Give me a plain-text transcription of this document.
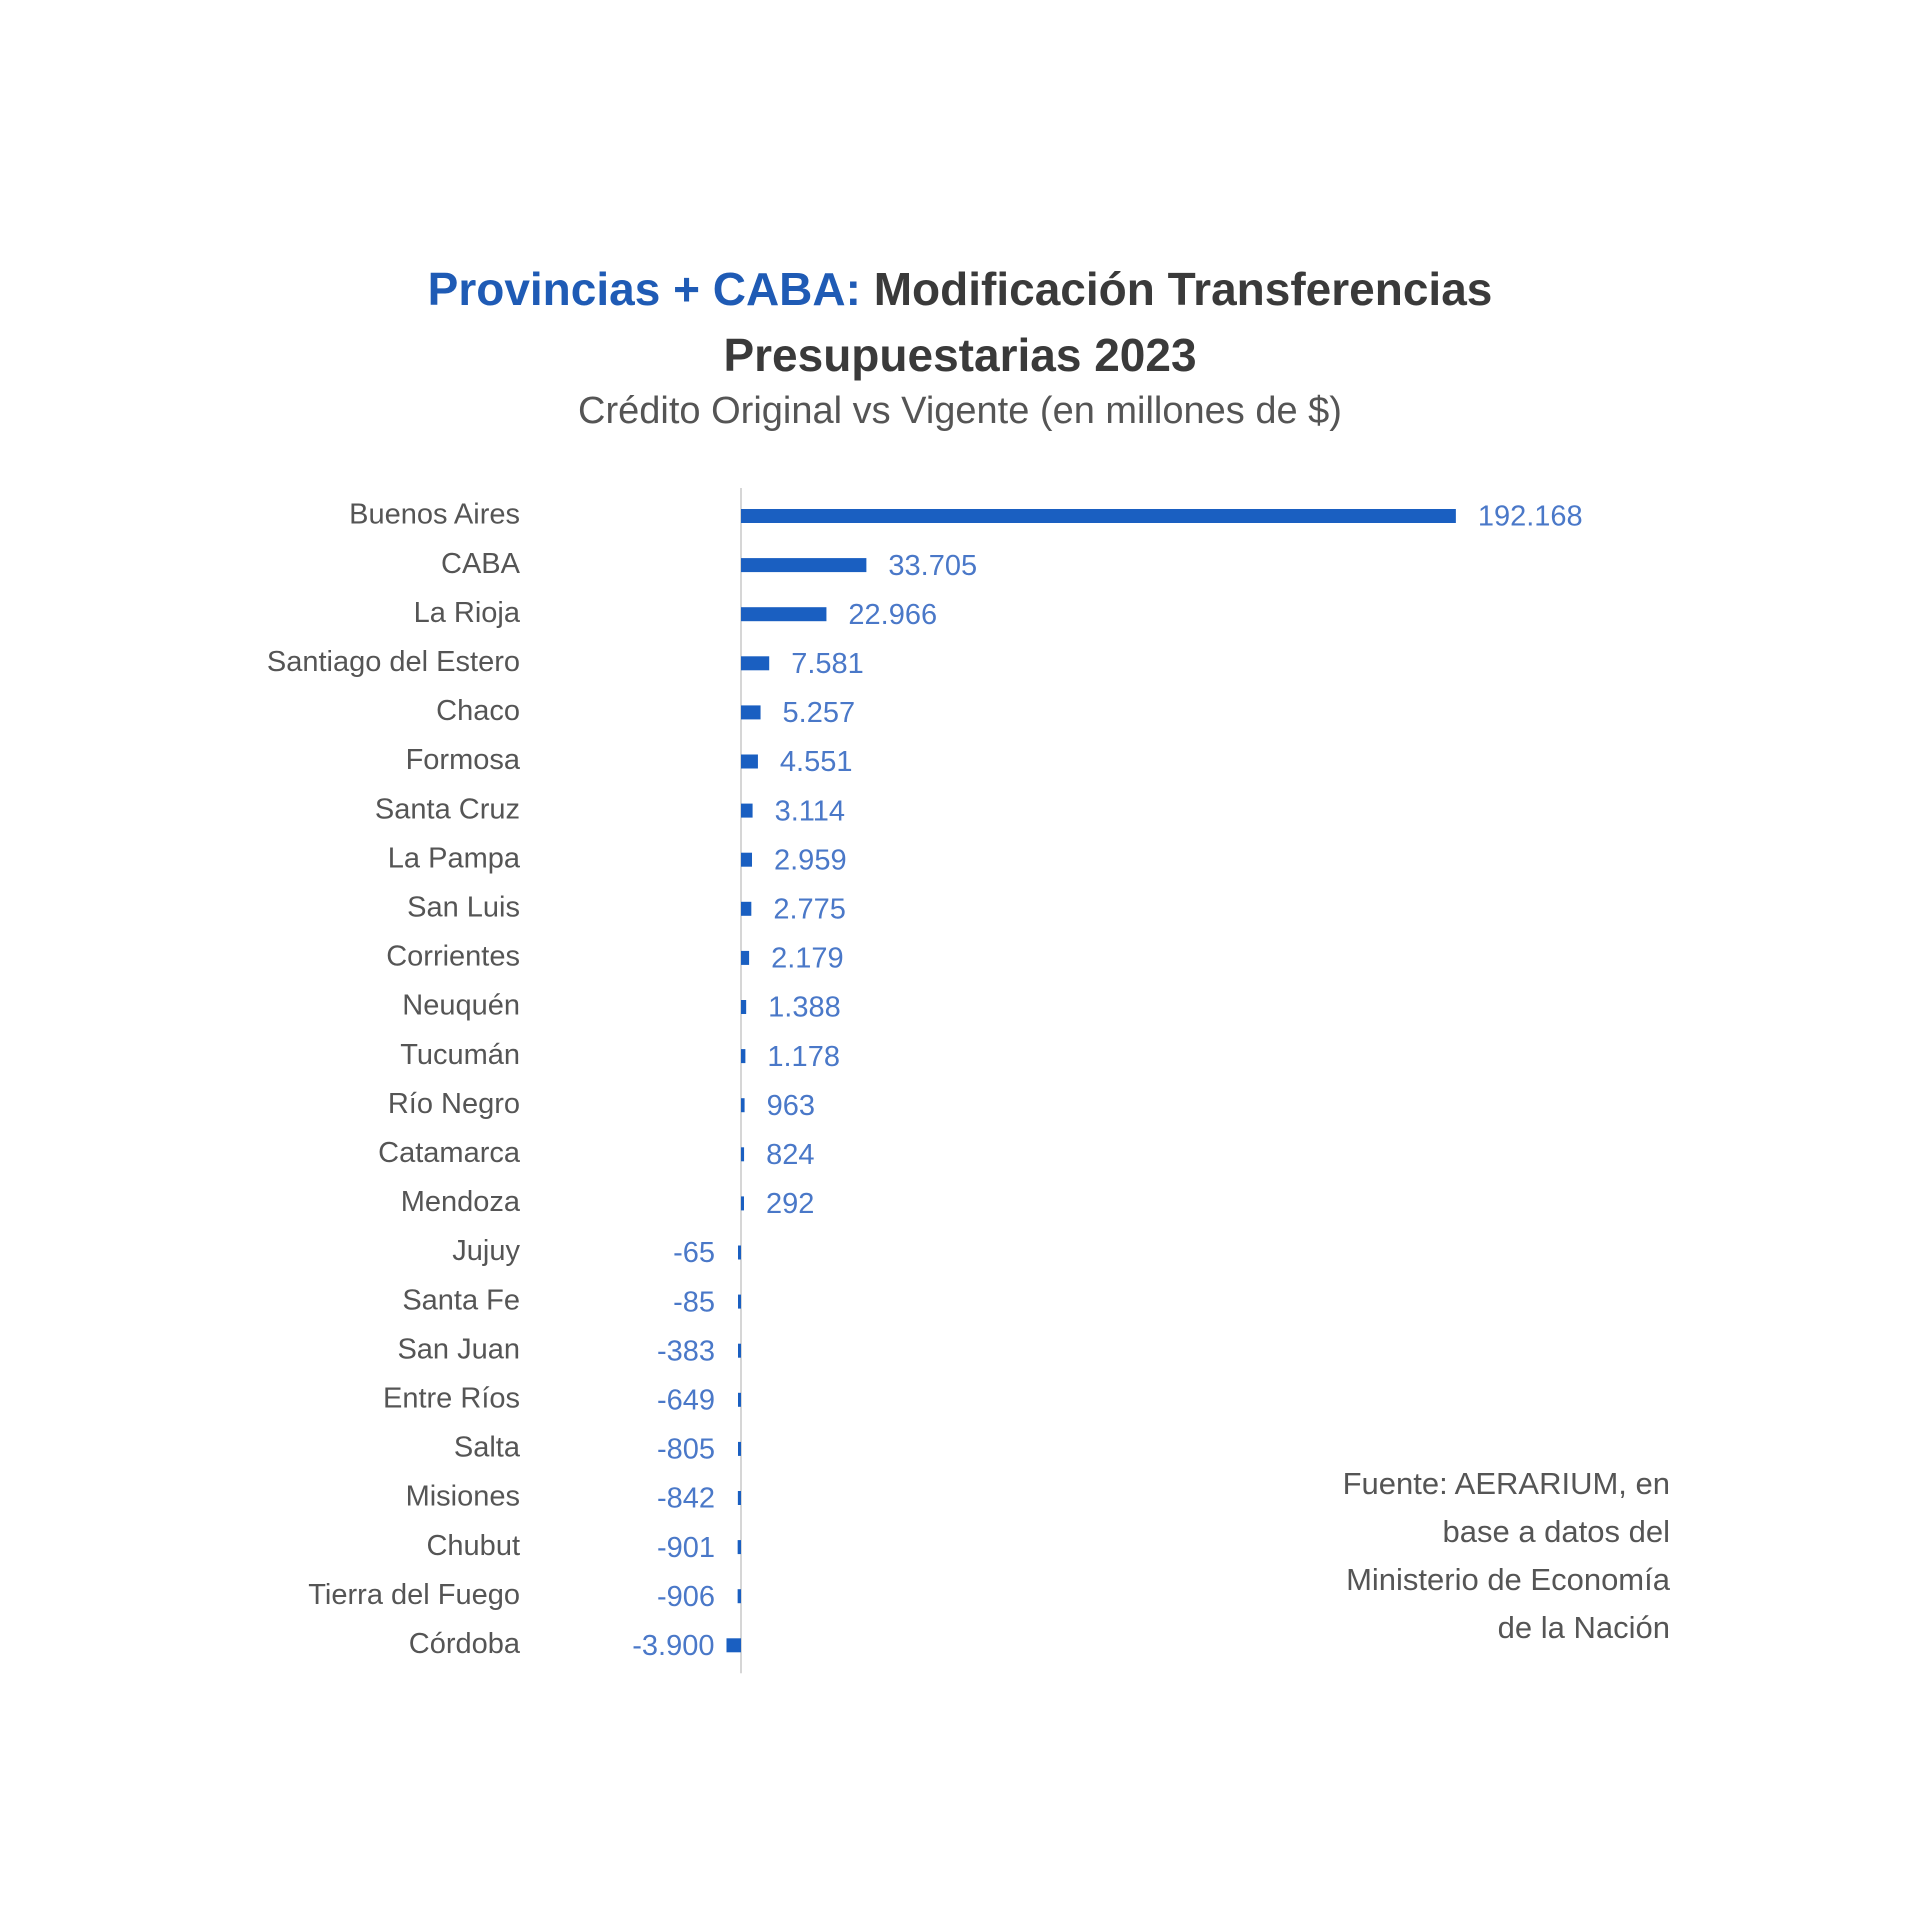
Provincias + CABA: Modificación Transferencias
Presupuestarias 2023
Crédito Original vs Vigente (en millones de $)
Buenos Aires	192.168
CABA	33.705
La Rioja	22.966
Santiago del Estero	7.581
Chaco	5.257
Formosa	4.551
Santa Cruz	3.114
La Pampa	2.959
San Luis	2.775
Corrientes	2.179
Neuquén	1.388
Tucumán	1.178
Río Negro	963
Catamarca	824
Mendoza	292
Jujuy	-65
Santa Fe	-85
San Juan	-383
Entre Ríos	-649
Salta	-805
Misiones	-842
Chubut	-901
Tierra del Fuego	-906
Córdoba	-3.900
Fuente: AERARIUM, en
base a datos del
Ministerio de Economía
de la Nación
